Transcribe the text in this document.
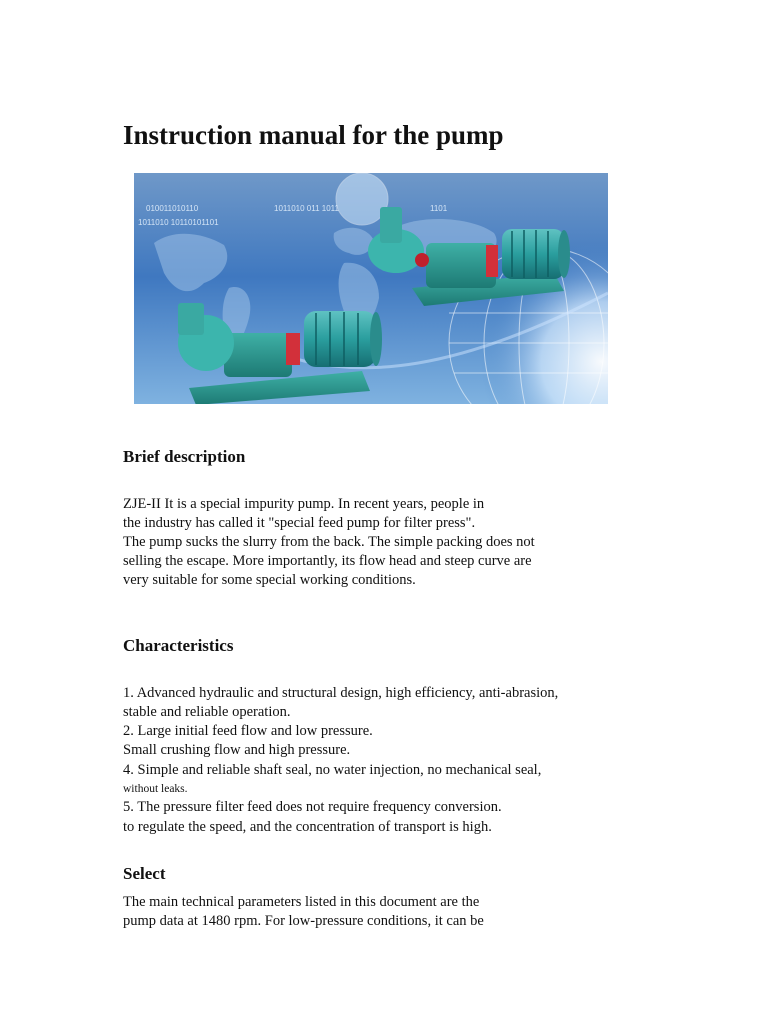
Instruction manual for the pump
010011010110	1011010 011 1011	1101
1011010 10110101101
Brief description

ZJE-II It is a special impurity pump. In recent years, people in

the industry has called it "special feed pump for filter press".

The pump sucks the slurry from the back. The simple packing does not

selling the escape. More importantly, its flow head and steep curve are

very suitable for some special working conditions.

Characteristics

1. Advanced hydraulic and structural design, high efficiency, anti-abrasion,

stable and reliable operation.

2. Large initial feed flow and low pressure.

Small crushing flow and high pressure.

4. Simple and reliable shaft seal, no water injection, no mechanical seal,

without leaks.

5. The pressure filter feed does not require frequency conversion.

to regulate the speed, and the concentration of transport is high.

Select

The main technical parameters listed in this document are the

pump data at 1480 rpm. For low-pressure conditions, it can be
